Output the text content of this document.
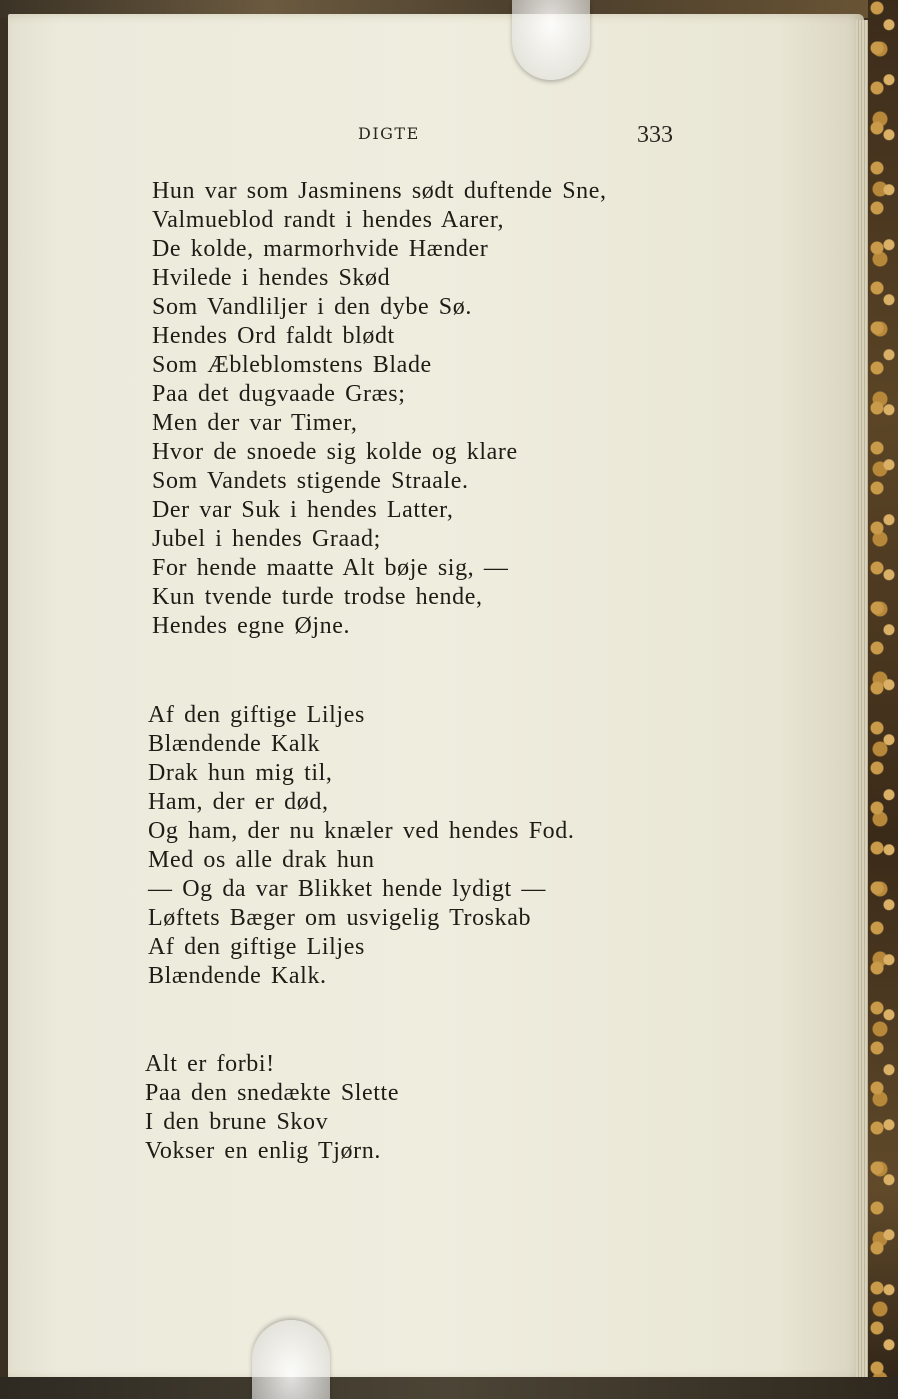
DIGTE	333
Hun var som Jasminens sødt duftende Sne,
Valmueblod randt i hendes Aarer,
De kolde, marmorhvide Hænder
Hvilede i hendes Skød
Som Vandliljer i den dybe Sø.
Hendes Ord faldt blødt
Som Æbleblomstens Blade
Paa det dugvaade Græs;
Men der var Timer,
Hvor de snoede sig kolde og klare
Som Vandets stigende Straale.
Der var Suk i hendes Latter,
Jubel i hendes Graad;
For hende maatte Alt bøje sig, —
Kun tvende turde trodse hende,
Hendes egne Øjne.
Af den giftige Liljes
Blændende Kalk
Drak hun mig til,
Ham, der er død,
Og ham, der nu knæler ved hendes Fod.
Med os alle drak hun
— Og da var Blikket hende lydigt —
Løftets Bæger om usvigelig Troskab
Af den giftige Liljes
Blændende Kalk.
Alt er forbi!
Paa den snedækte Slette
I den brune Skov
Vokser en enlig Tjørn.
